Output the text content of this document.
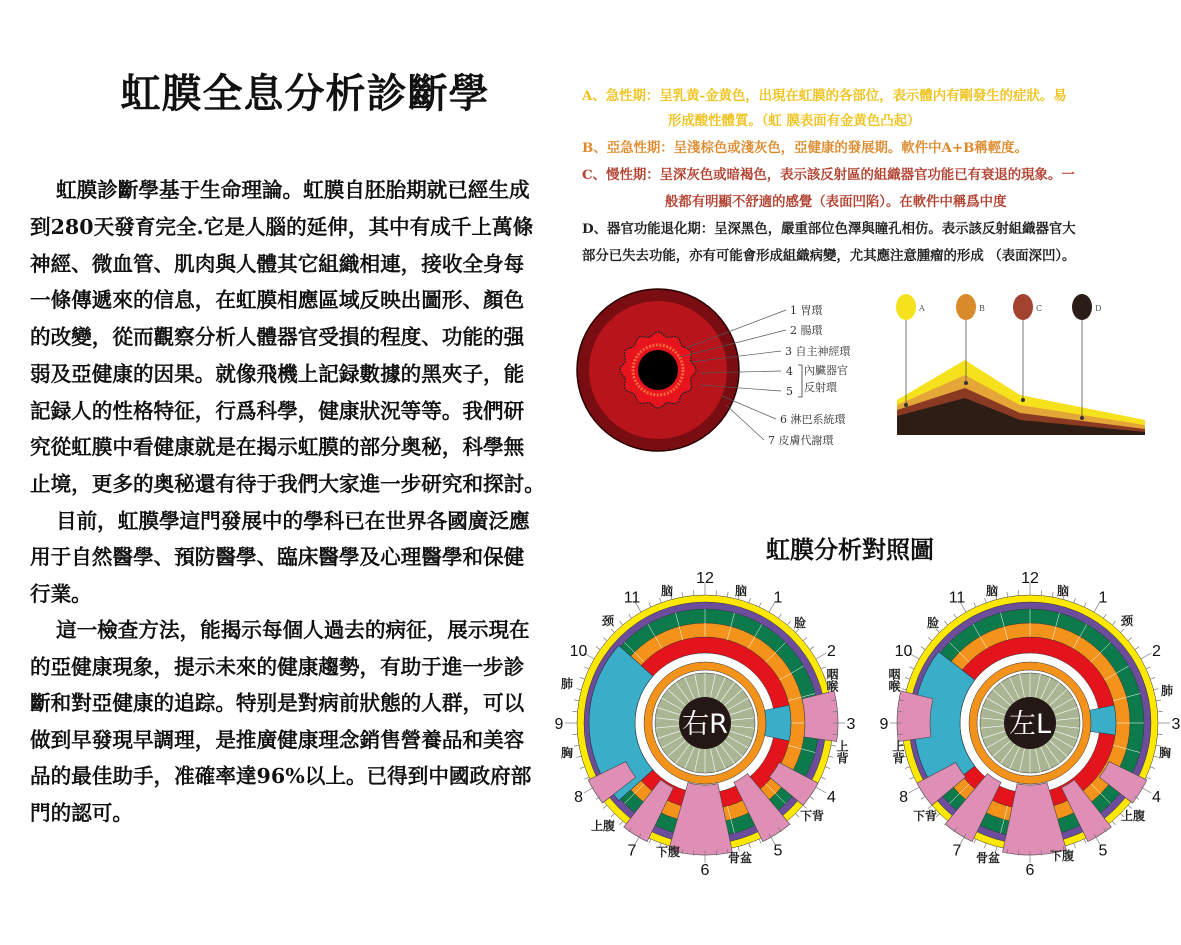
虹膜全息分析診斷學
虹膜診斷學基于生命理論。虹膜自胚胎期就已經生成
到280天發育完全.它是人腦的延伸，其中有成千上萬條
神經、微血管、肌肉與人體其它組織相連，接收全身每
一條傳遞來的信息，在虹膜相應區域反映出圖形、顏色
的改變，從而觀察分析人體器官受損的程度、功能的强
弱及亞健康的因果。就像飛機上記録數據的黑夾子，能
記録人的性格特征，行爲科學，健康狀況等等。我們研
究從虹膜中看健康就是在揭示虹膜的部分奥秘，科學無
止境，更多的奥秘還有待于我們大家進一步研究和探討。
目前，虹膜學這門發展中的學科已在世界各國廣泛應
用于自然醫學、預防醫學、臨床醫學及心理醫學和保健
行業。
這一檢查方法，能揭示每個人過去的病征，展示現在
的亞健康現象，提示未來的健康趨勢，有助于進一步診
斷和對亞健康的追踪。特别是對病前狀態的人群，可以
做到早發現早調理，是推廣健康理念銷售營養品和美容
品的最佳助手，准確率達96%以上。已得到中國政府部
門的認可。
A、急性期：呈乳黄-金黄色，出現在虹膜的各部位，表示體内有剛發生的症狀。易
形成酸性體質。（虹 膜表面有金黄色凸起）
B、亞急性期：呈淺棕色或淺灰色，亞健康的發展期。軟件中A+B稱輕度。
C、慢性期：呈深灰色或暗褐色，表示該反射區的組織器官功能已有衰退的現象。一
般都有明顯不舒適的感覺（表面凹陷）。在軟件中稱爲中度
D、器官功能退化期：呈深黑色，嚴重部位色澤與瞳孔相仿。表示該反射組織器官大
部分已失去功能，亦有可能會形成組織病變，尤其應注意腫瘤的形成 （表面深凹）。
虹膜分析對照圖
1 胃環
2 腸環
3 自主神經環
4
5
內臟器官
反射環
6 淋巴系統環
7 皮膚代謝環
A	B	C	D
右R
12
1
2
3
4
5
6
7
8
9
10
11 脑	脑
颈	脸
肺	咽喉
胸	上背
上腹
下背
下腹	骨盆
左L
12
1
2
3
4
5
6
7
8
9
10
11 脑	脑
脸	颈
咽喉	肺
上背	胸
下背	上腹
骨盆	下腹
